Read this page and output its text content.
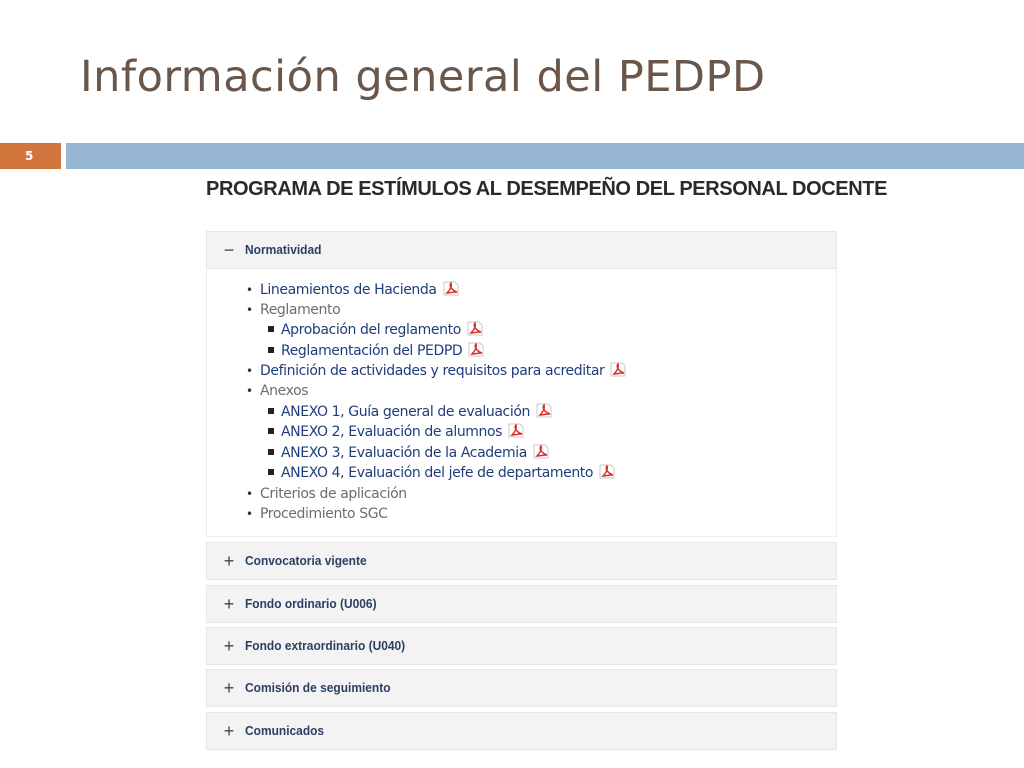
Información general del PEDPD
5
PROGRAMA DE ESTÍMULOS AL DESEMPEÑO DEL PERSONAL DOCENTE
− Normatividad
• Lineamientos de Hacienda
• Reglamento
Aprobación del reglamento
Reglamentación del PEDPD
• Definición de actividades y requisitos para acreditar
• Anexos
ANEXO 1, Guía general de evaluación
ANEXO 2, Evaluación de alumnos
ANEXO 3, Evaluación de la Academia
ANEXO 4, Evaluación del jefe de departamento
• Criterios de aplicación
• Procedimiento SGC
+ Convocatoria vigente
+ Fondo ordinario (U006)
+ Fondo extraordinario (U040)
+ Comisión de seguimiento
+ Comunicados
